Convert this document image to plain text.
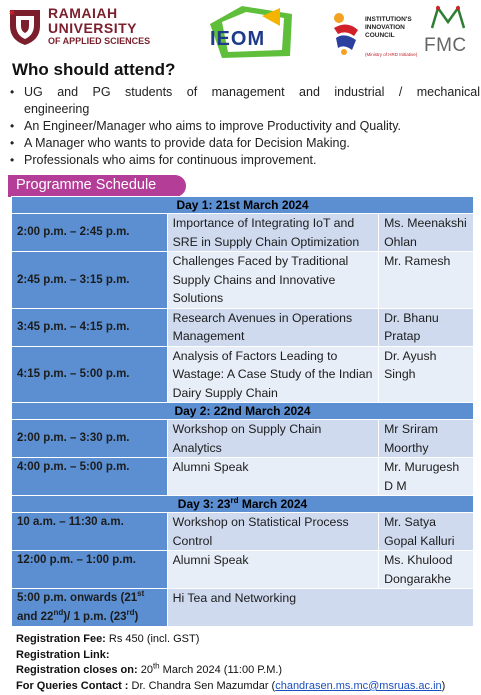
✱ RAMAIAH
UNIVERSITY
OF APPLIED SCIENCES	IEOM
INSTITUTION'S INNOVATION COUNCIL
(Ministry of HRD Initiative) FMC
Who should attend?
• UG and PG students of management and industrial / mechanical engineering
• An Engineer/Manager who aims to improve Productivity and Quality.
• A Manager who wants to provide data for Decision Making.
• Professionals who aims for continuous improvement.
Programme Schedule
Day 1: 21st March 2024		
2:00 p.m. – 2:45 p.m.	Importance of Integrating IoT and SRE in Supply Chain Optimization	Ms. Meenakshi Ohlan
2:45 p.m. – 3:15 p.m.	Challenges Faced by Traditional Supply Chains and Innovative Solutions	Mr. Ramesh
3:45 p.m. – 4:15 p.m.	Research Avenues in Operations Management	Dr. Bhanu Pratap
4:15 p.m. – 5:00 p.m.	Analysis of Factors Leading to Wastage: A Case Study of the Indian Dairy Supply Chain	Dr. Ayush Singh
Day 2: 22nd March 2024		
2:00 p.m. – 3:30 p.m.	Workshop on Supply Chain Analytics	Mr Sriram Moorthy
4:00 p.m. – 5:00 p.m.	Alumni Speak	Mr. Murugesh D M
Day 3: 23rd March 2024		
10 a.m. – 11:30 a.m.	Workshop on Statistical Process Control	Mr. Satya Gopal Kalluri
12:00 p.m. – 1:00 p.m.	Alumni Speak	Ms. Khulood Dongarakhe
5:00 p.m. onwards (21st
and 22nd)/ 1 p.m. (23rd)	Hi Tea and Networking	
Registration Fee: Rs 450 (incl. GST)
Registration Link:
Registration closes on: 20th March 2024 (11:00 P.M.)
For Queries Contact : Dr. Chandra Sen Mazumdar (chandrasen.ms.mc@msruas.ac.in)
